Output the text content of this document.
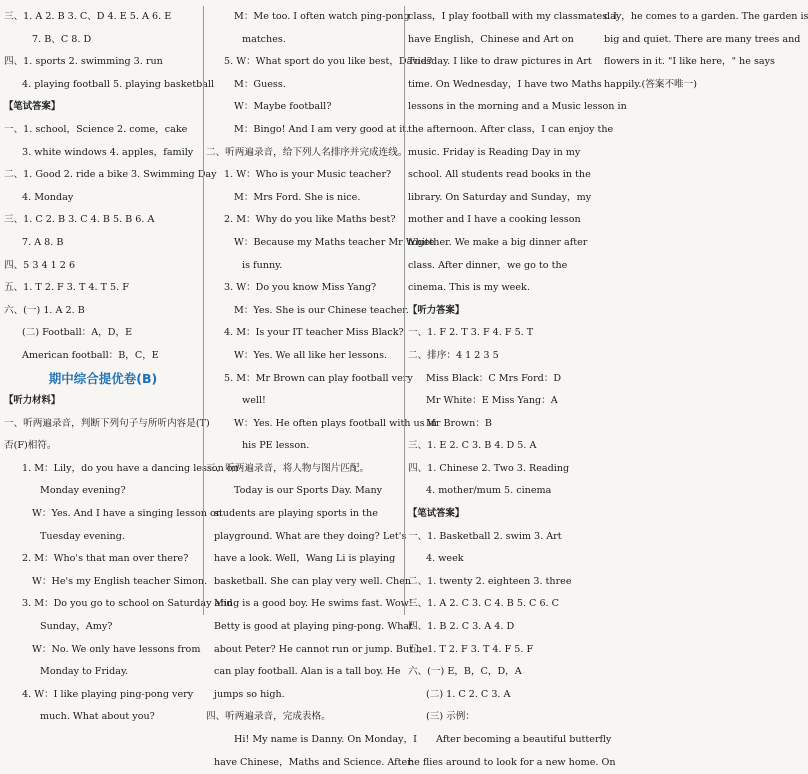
三、1. A 2. B 3. C、D 4. E 5. A 6. E
7. B、C 8. D
四、1. sports 2. swimming 3. run
4. playing football 5. playing basketball
【笔试答案】
一、1. school，Science 2. come，cake
3. white windows 4. apples，family
二、1. Good 2. ride a bike 3. Swimming Day
4. Monday
三、1. C 2. B 3. C 4. B 5. B 6. A
7. A 8. B
四、5 3 4 1 2 6
五、1. T 2. F 3. T 4. T 5. F
六、(一) 1. A 2. B
(二) Football：A，D，E
American football：B，C，E
期中综合提优卷(B)
【听力材料】
一、听两遍录音，判断下列句子与所听内容是(T)
否(F)相符。
1. M：Lily，do you have a dancing lesson on
Monday evening?
W：Yes. And I have a singing lesson on
Tuesday evening.
2. M：Who's that man over there?
W：He's my English teacher Simon.
3. M：Do you go to school on Saturday and
Sunday，Amy?
W：No. We only have lessons from
Monday to Friday.
4. W：I like playing ping-pong very
much. What about you?
M：Me too. I often watch ping-pong
matches.
5. W：What sport do you like best，David?
M：Guess.
W：Maybe football?
M：Bingo! And I am very good at it.
二、听两遍录音，给下列人名排序并完成连线。
1. W：Who is your Music teacher?
M：Mrs Ford. She is nice.
2. M：Why do you like Maths best?
W：Because my Maths teacher Mr White
is funny.
3. W：Do you know Miss Yang?
M：Yes. She is our Chinese teacher.
4. M：Is your IT teacher Miss Black?
W：Yes. We all like her lessons.
5. M：Mr Brown can play football very
well!
W：Yes. He often plays football with us in
his PE lesson.
三、听两遍录音，将人物与图片匹配。
Today is our Sports Day. Many
students are playing sports in the
playground. What are they doing? Let's
have a look. Well，Wang Li is playing
basketball. She can play very well. Chen
Ming is a good boy. He swims fast. Wow!
Betty is good at playing ping-pong. What
about Peter? He cannot run or jump. But he
can play football. Alan is a tall boy. He
jumps so high.
四、听两遍录音，完成表格。
Hi! My name is Danny. On Monday，I
have Chinese，Maths and Science. After
class，I play football with my classmates. I
have English，Chinese and Art on
Tuesday. I like to draw pictures in Art
time. On Wednesday，I have two Maths
lessons in the morning and a Music lesson in
the afternoon. After class，I can enjoy the
music. Friday is Reading Day in my
school. All students read books in the
library. On Saturday and Sunday，my
mother and I have a cooking lesson
together. We make a big dinner after
class. After dinner，we go to the
cinema. This is my week.
【听力答案】
一、1. F 2. T 3. F 4. F 5. T
二、排序：4 1 2 3 5
Miss Black：C Mrs Ford：D
Mr White：E Miss Yang：A
Mr Brown：B
三、1. E 2. C 3. B 4. D 5. A
四、1. Chinese 2. Two 3. Reading
4. mother/mum 5. cinema
【笔试答案】
一、1. Basketball 2. swim 3. Art
4. week
二、1. twenty 2. eighteen 3. three
三、1. A 2. C 3. C 4. B 5. C 6. C
四、1. B 2. C 3. A 4. D
五、1. T 2. F 3. T 4. F 5. F
六、(一) E，B，C，D，A
(二) 1. C 2. C 3. A
(三) 示例：
After becoming a beautiful butterfly
he flies around to look for a new home. On
day，he comes to a garden. The garden is
big and quiet. There are many trees and
flowers in it. "I like here，" he says
happily.(答案不唯一)
